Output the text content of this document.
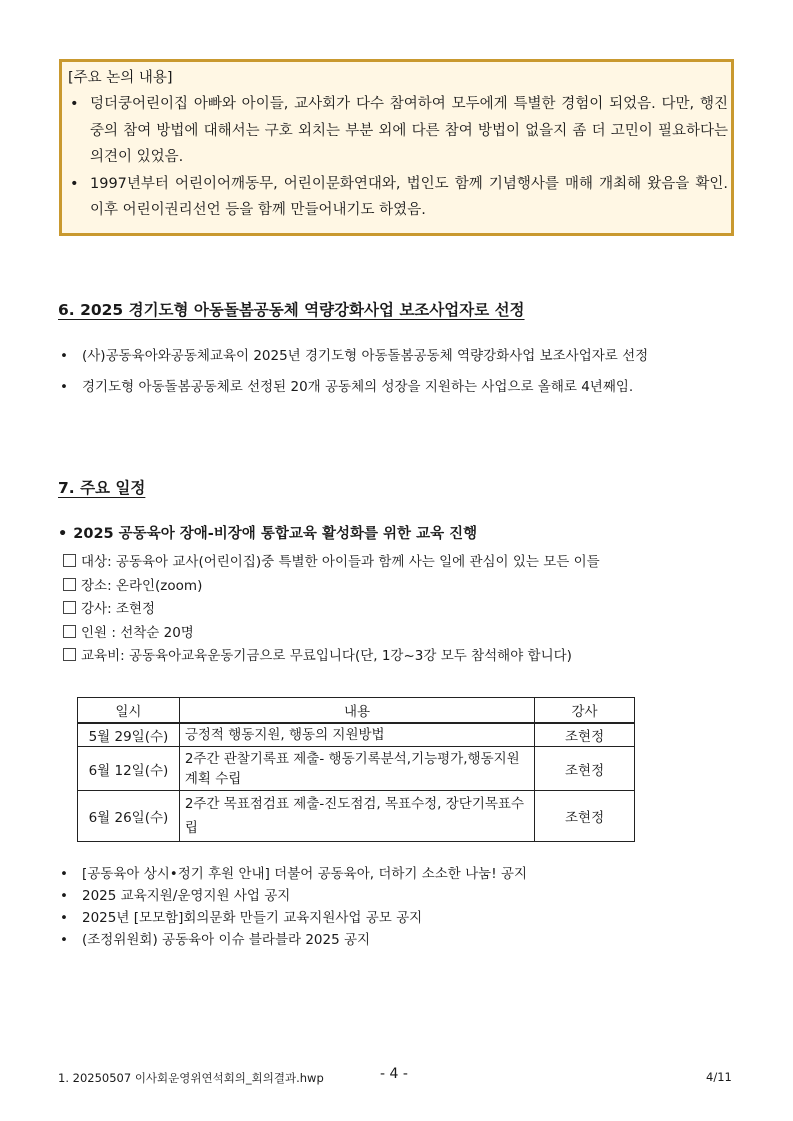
[주요 논의 내용]
• 덩더쿵어린이집 아빠와 아이들, 교사회가 다수 참여하여 모두에게 특별한 경험이 되었음. 다만, 행진 중의 참여 방법에 대해서는 구호 외치는 부분 외에 다른 참여 방법이 없을지 좀 더 고민이 필요하다는 의견이 있었음.
• 1997년부터 어린이어깨동무, 어린이문화연대와, 법인도 함께 기념행사를 매해 개최해 왔음을 확인. 이후 어린이권리선언 등을 함께 만들어내기도 하였음.
6. 2025 경기도형 아동돌봄공동체 역량강화사업 보조사업자로 선정
• (사)공동육아와공동체교육이 2025년 경기도형 아동돌봄공동체 역량강화사업 보조사업자로 선정
• 경기도형 아동돌봄공동체로 선정된 20개 공동체의 성장을 지원하는 사업으로 올해로 4년째임.
7. 주요 일정
• 2025 공동육아 장애-비장애 통합교육 활성화를 위한 교육 진행
대상: 공동육아 교사(어린이집)중 특별한 아이들과 함께 사는 일에 관심이 있는 모든 이들
장소: 온라인(zoom)
강사: 조현정
인원 : 선착순 20명
교육비: 공동육아교육운동기금으로 무료입니다(단, 1강~3강 모두 참석해야 합니다)
일시	내용	강사
5월 29일(수)	긍정적 행동지원, 행동의 지원방법	조현정
6월 12일(수)	2주간 관찰기록표 제출- 행동기록분석,기능평가,행동지원계획 수립	조현정
6월 26일(수)	2주간 목표점검표 제출-진도점검, 목표수정, 장단기목표수립	조현정
• [공동육아 상시•정기 후원 안내] 더불어 공동육아, 더하기 소소한 나눔! 공지
• 2025 교육지원/운영지원 사업 공지
• 2025년 [모모함]회의문화 만들기 교육지원사업 공모 공지
• (조정위원회) 공동육아 이슈 블라블라 2025 공지
1. 20250507 이사회운영위연석회의_회의결과.hwp	- 4 -	4/11
